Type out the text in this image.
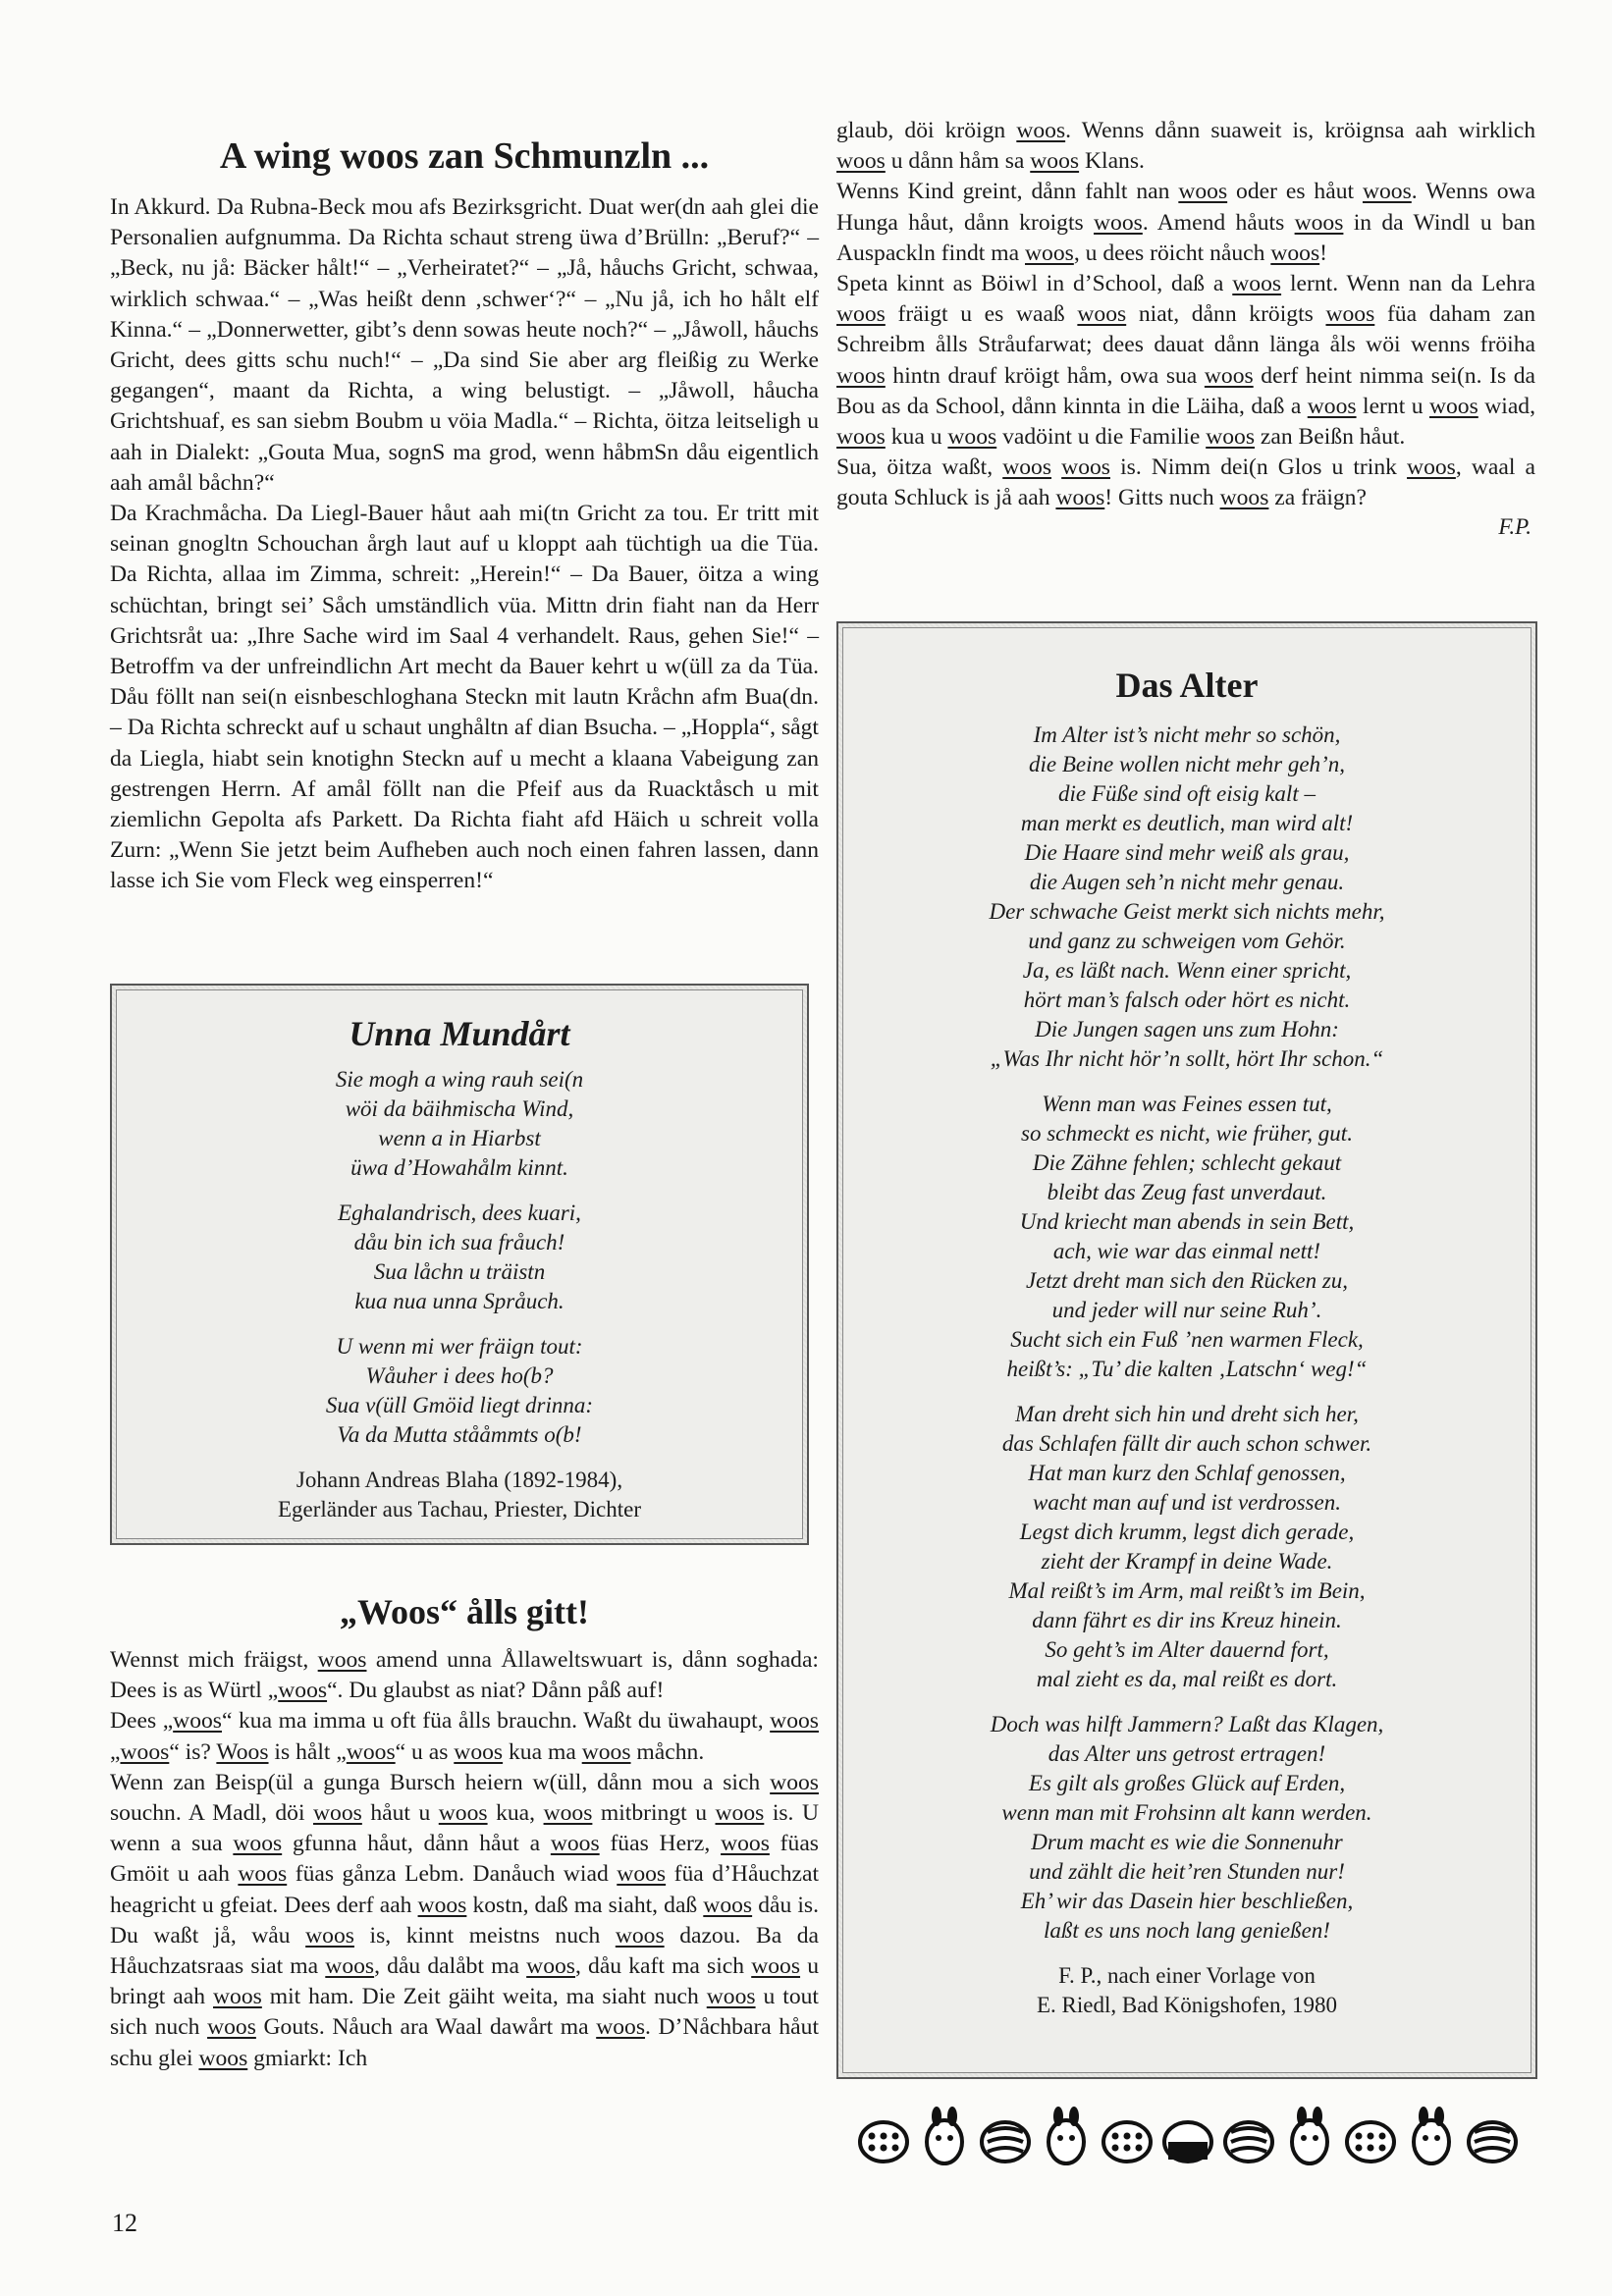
A wing woos zan Schmunzln ...

In Akkurd. Da Rubna-Beck mou afs Bezirksgricht. Duat wer(dn aah glei die Personalien aufgnumma. Da Richta schaut streng üwa d’Brülln: „Beruf?“ – „Beck, nu jå: Bäcker hålt!“ – „Verheiratet?“ – „Jå, håuchs Gricht, schwaa, wirklich schwaa.“ – „Was heißt denn ‚schwer‘?“ – „Nu jå, ich ho hålt elf Kinna.“ – „Donnerwetter, gibt’s denn sowas heute noch?“ – „Jåwoll, håuchs Gricht, dees gitts schu nuch!“ – „Da sind Sie aber arg fleißig zu Werke gegangen“, maant da Richta, a wing belustigt. – „Jåwoll, håucha Grichtshuaf, es san siebm Boubm u vöia Madla.“ – Richta, öitza leitseligh u aah in Dialekt: „Gouta Mua, sognS ma grod, wenn håbmSn dåu eigentlich aah amål båchn?“

Da Krachmåcha. Da Liegl-Bauer håut aah mi(tn Gricht za tou. Er tritt mit seinan gnogltn Schouchan årgh laut auf u kloppt aah tüchtigh ua die Tüa. Da Richta, allaa im Zimma, schreit: „Herein!“ – Da Bauer, öitza a wing schüchtan, bringt sei’ Såch umständlich vüa. Mittn drin fiaht nan da Herr Grichtsråt ua: „Ihre Sache wird im Saal 4 verhandelt. Raus, gehen Sie!“ – Betroffm va der unfreindlichn Art mecht da Bauer kehrt u w(üll za da Tüa. Dåu föllt nan sei(n eisnbeschloghana Steckn mit lautn Kråchn afm Bua(dn. – Da Richta schreckt auf u schaut unghåltn af dian Bsucha. – „Hoppla“, sågt da Liegla, hiabt sein knotighn Steckn auf u mecht a klaana Vabeigung zan gestrengen Herrn. Af amål föllt nan die Pfeif aus da Ruacktåsch u mit ziemlichn Gepolta afs Parkett. Da Richta fiaht afd Häich u schreit volla Zurn: „Wenn Sie jetzt beim Aufheben auch noch einen fahren lassen, dann lasse ich Sie vom Fleck weg einsperren!“

Unna Mundårt
Sie mogh a wing rauh sei(n
wöi da bäihmischa Wind,
wenn a in Hiarbst
üwa d’Howahålm kinnt.
Eghalandrisch, dees kuari,
dåu bin ich sua fråuch!
Sua låchn u träistn
kua nua unna Språuch.
U wenn mi wer fräign tout:
Wåuher i dees ho(b?
Sua v(üll Gmöid liegt drinna:
Va da Mutta stååmmts o(b!
Johann Andreas Blaha (1892-1984),
Egerländer aus Tachau, Priester, Dichter
„Woos“ ålls gitt!

Wennst mich fräigst, woos amend unna Ållaweltswuart is, dånn soghada: Dees is as Würtl „woos“. Du glaubst as niat? Dånn påß auf!

Dees „woos“ kua ma imma u oft füa ålls brauchn. Waßt du üwahaupt, woos „woos“ is? Woos is hålt „woos“ u as woos kua ma woos måchn.

Wenn zan Beisp(ül a gunga Bursch heiern w(üll, dånn mou a sich woos souchn. A Madl, döi woos håut u woos kua, woos mitbringt u woos is. U wenn a sua woos gfunna håut, dånn håut a woos füas Herz, woos füas Gmöit u aah woos füas gånza Lebm. Danåuch wiad woos füa d’Håuchzat heagricht u gfeiat. Dees derf aah woos kostn, daß ma siaht, daß woos dåu is. Du waßt jå, wåu woos is, kinnt meistns nuch woos dazou. Ba da Håuchzatsraas siat ma woos, dåu dalåbt ma woos, dåu kaft ma sich woos u bringt aah woos mit ham. Die Zeit gäiht weita, ma siaht nuch woos u tout sich nuch woos Gouts. Nåuch ara Waal dawårt ma woos. D’Nåchbara håut schu glei woos gmiarkt: Ich

glaub, döi kröign woos. Wenns dånn suaweit is, kröignsa aah wirklich woos u dånn håm sa woos Klans.

Wenns Kind greint, dånn fahlt nan woos oder es håut woos. Wenns owa Hunga håut, dånn kroigts woos. Amend håuts woos in da Windl u ban Auspackln findt ma woos, u dees röicht nåuch woos!

Speta kinnt as Böiwl in d’School, daß a woos lernt. Wenn nan da Lehra woos fräigt u es waaß woos niat, dånn kröigts woos füa daham zan Schreibm ålls Stråufarwat; dees dauat dånn länga åls wöi wenns fröiha woos hintn drauf kröigt håm, owa sua woos derf heint nimma sei(n. Is da Bou as da School, dånn kinnta in die Läiha, daß a woos lernt u woos wiad, woos kua u woos vadöint u die Familie woos zan Beißn håut.

Sua, öitza waßt, woos woos is. Nimm dei(n Glos u trink woos, waal a gouta Schluck is jå aah woos! Gitts nuch woos za fräign?

F.P.
Das Alter
Im Alter ist’s nicht mehr so schön,
die Beine wollen nicht mehr geh’n,
die Füße sind oft eisig kalt –
man merkt es deutlich, man wird alt!
Die Haare sind mehr weiß als grau,
die Augen seh’n nicht mehr genau.
Der schwache Geist merkt sich nichts mehr,
und ganz zu schweigen vom Gehör.
Ja, es läßt nach. Wenn einer spricht,
hört man’s falsch oder hört es nicht.
Die Jungen sagen uns zum Hohn:
„Was Ihr nicht hör’n sollt, hört Ihr schon.“
Wenn man was Feines essen tut,
so schmeckt es nicht, wie früher, gut.
Die Zähne fehlen; schlecht gekaut
bleibt das Zeug fast unverdaut.
Und kriecht man abends in sein Bett,
ach, wie war das einmal nett!
Jetzt dreht man sich den Rücken zu,
und jeder will nur seine Ruh’.
Sucht sich ein Fuß ’nen warmen Fleck,
heißt’s: „Tu’ die kalten ‚Latschn‘ weg!“
Man dreht sich hin und dreht sich her,
das Schlafen fällt dir auch schon schwer.
Hat man kurz den Schlaf genossen,
wacht man auf und ist verdrossen.
Legst dich krumm, legst dich gerade,
zieht der Krampf in deine Wade.
Mal reißt’s im Arm, mal reißt’s im Bein,
dann fährt es dir ins Kreuz hinein.
So geht’s im Alter dauernd fort,
mal zieht es da, mal reißt es dort.
Doch was hilft Jammern? Laßt das Klagen,
das Alter uns getrost ertragen!
Es gilt als großes Glück auf Erden,
wenn man mit Frohsinn alt kann werden.
Drum macht es wie die Sonnenuhr
und zählt die heit’ren Stunden nur!
Eh’ wir das Dasein hier beschließen,
laßt es uns noch lang genießen!
F. P., nach einer Vorlage von
E. Riedl, Bad Königshofen, 1980
12
